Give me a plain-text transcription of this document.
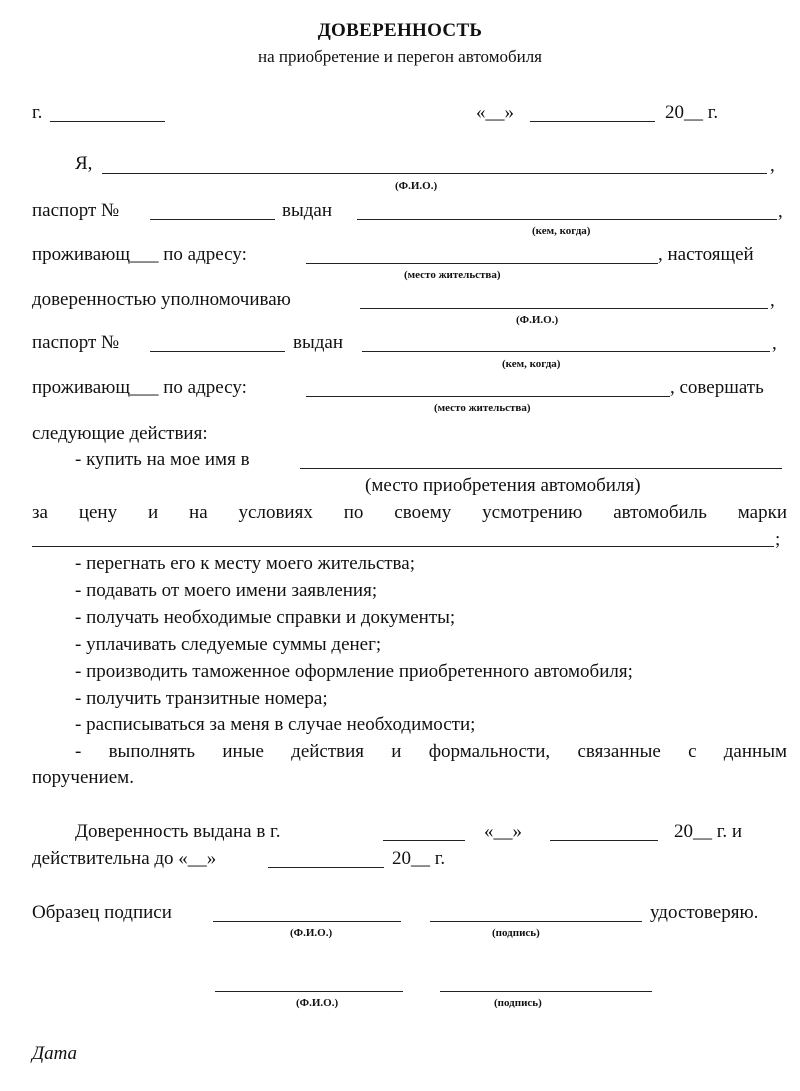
ДОВЕРЕННОСТЬ
на приобретение и перегон автомобиля
г.	«__»	20__ г.
Я,	,
(Ф.И.О.)
паспорт №	выдан	,
(кем, когда)
проживающ___ по адресу:	, настоящей
(место жительства)
доверенностью уполномочиваю	,
(Ф.И.О.)
паспорт №	выдан	,
(кем, когда)
проживающ___ по адресу:	, совершать
(место жительства)
следующие действия:
- купить на мое имя в
(место приобретения автомобиля)
за цену и на условиях по своему усмотрению автомобиль марки
;
- перегнать его к месту моего жительства;
- подавать от моего имени заявления;
- получать необходимые справки и документы;
- уплачивать следуемые суммы денег;
- производить таможенное оформление приобретенного автомобиля;
- получить транзитные номера;
- расписываться за меня в случае необходимости;
- выполнять иные действия и формальности, связанные с данным
поручением.
Доверенность выдана в г.	«__»	20__ г. и
действительна до «__»	20__ г.
Образец подписи	удостоверяю.
(Ф.И.О.)	(подпись)
(Ф.И.О.)	(подпись)
Дата
